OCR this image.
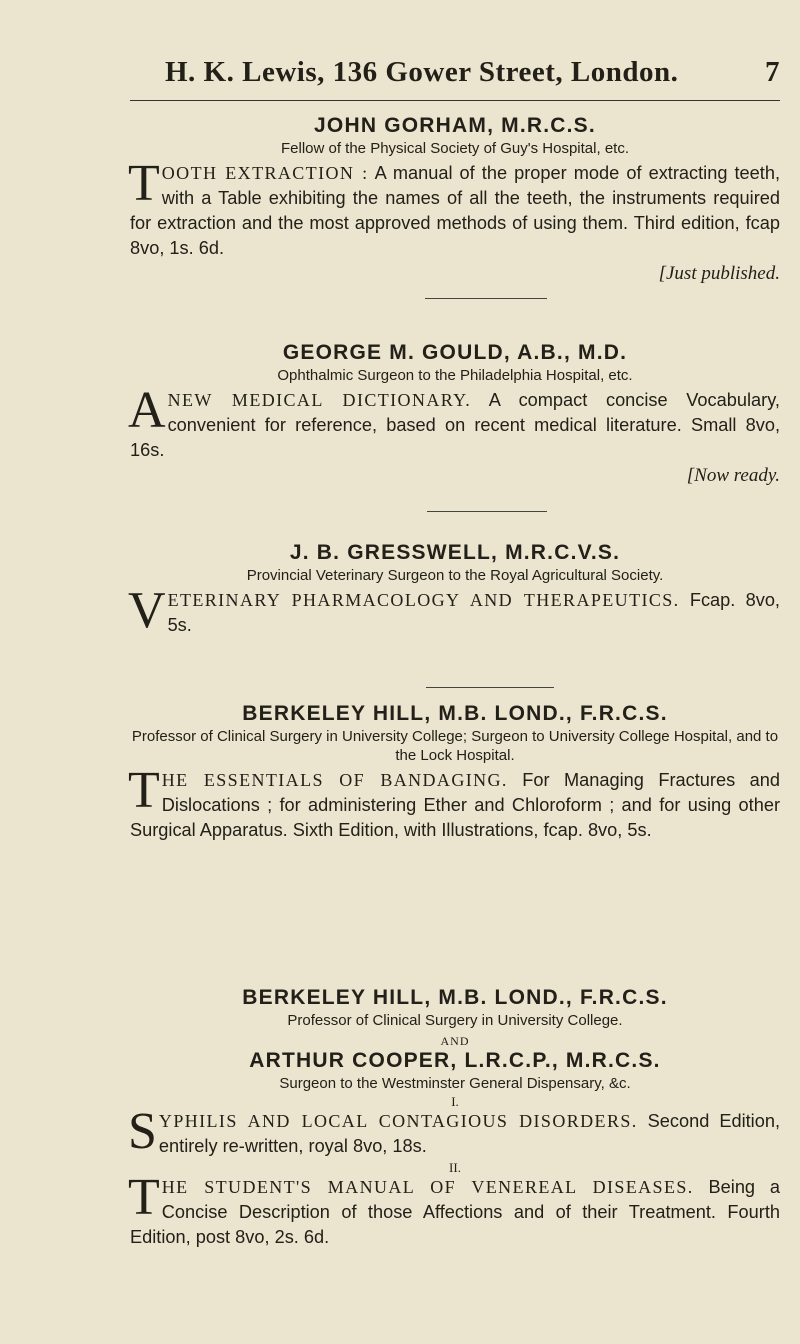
H. K. Lewis, 136 Gower Street, London.	7
JOHN GORHAM, M.R.C.S.
Fellow of the Physical Society of Guy's Hospital, etc.
TOOTH EXTRACTION : A manual of the proper mode of extracting teeth, with a Table exhibiting the names of all the teeth, the instruments required for extraction and the most approved methods of using them. Third edition, fcap 8vo, 1s. 6d.
[Just published.
GEORGE M. GOULD, A.B., M.D.
Ophthalmic Surgeon to the Philadelphia Hospital, etc.
A NEW MEDICAL DICTIONARY. A compact concise Vocabulary, convenient for reference, based on recent medical literature. Small 8vo, 16s.
[Now ready.
J. B. GRESSWELL, M.R.C.V.S.
Provincial Veterinary Surgeon to the Royal Agricultural Society.
VETERINARY PHARMACOLOGY AND THERAPEUTICS. Fcap. 8vo, 5s.
BERKELEY HILL, M.B. LOND., F.R.C.S.
Professor of Clinical Surgery in University College; Surgeon to University College Hospital, and to the Lock Hospital.
THE ESSENTIALS OF BANDAGING. For Managing Fractures and Dislocations ; for administering Ether and Chloroform ; and for using other Surgical Apparatus. Sixth Edition, with Illustrations, fcap. 8vo, 5s.
BERKELEY HILL, M.B. LOND., F.R.C.S.
Professor of Clinical Surgery in University College.
AND
ARTHUR COOPER, L.R.C.P., M.R.C.S.
Surgeon to the Westminster General Dispensary, &c.
I.
SYPHILIS AND LOCAL CONTAGIOUS DISORDERS. Second Edition, entirely re-written, royal 8vo, 18s.
II.
THE STUDENT'S MANUAL OF VENEREAL DISEASES. Being a Concise Description of those Affections and of their Treatment. Fourth Edition, post 8vo, 2s. 6d.
